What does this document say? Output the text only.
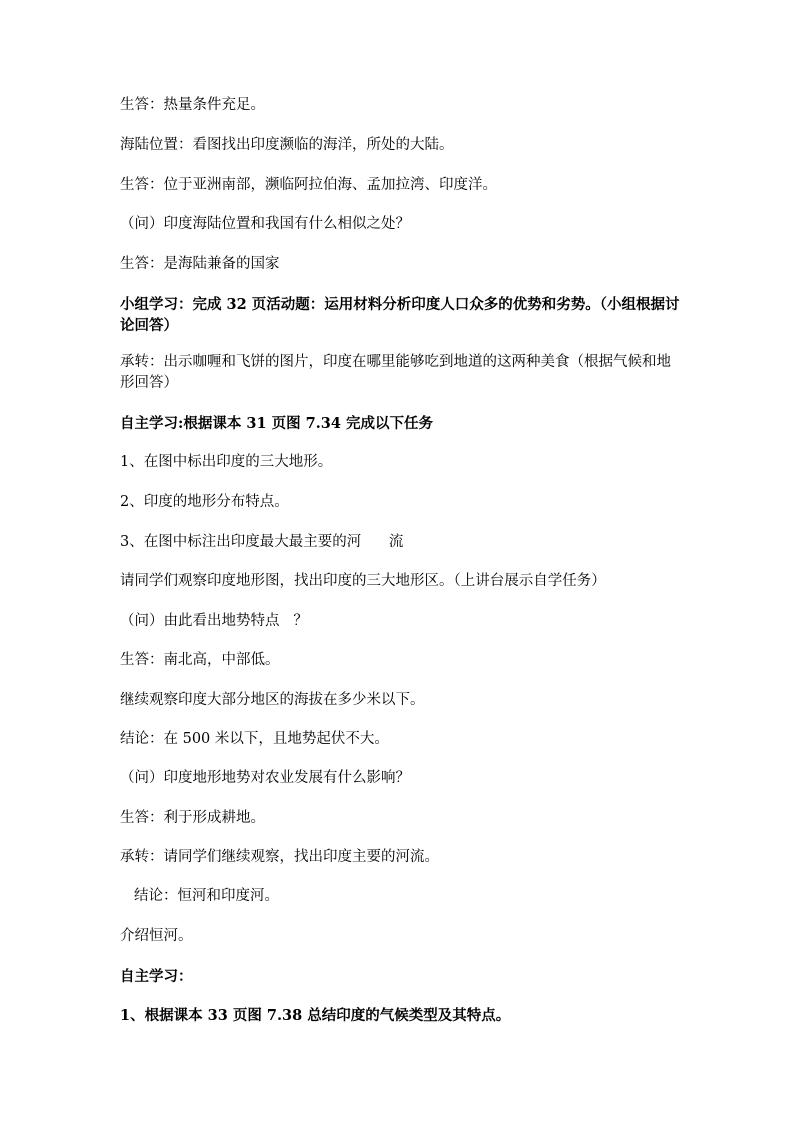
生答：热量条件充足。

海陆位置：看图找出印度濒临的海洋，所处的大陆。

生答：位于亚洲南部，濒临阿拉伯海、孟加拉湾、印度洋。

（问）印度海陆位置和我国有什么相似之处？

生答：是海陆兼备的国家

小组学习：完成 32 页活动题：运用材料分析印度人口众多的优势和劣势。（小组根据讨论回答）

承转：出示咖喱和飞饼的图片，印度在哪里能够吃到地道的这两种美食（根据气候和地形回答）

自主学习:根据课本 31 页图 7.34 完成以下任务

1、在图中标出印度的三大地形。

2、印度的地形分布特点。

3、在图中标注出印度最大最主要的河      流

请同学们观察印度地形图，找出印度的三大地形区。（上讲台展示自学任务）

（问）由此看出地势特点   ？

生答：南北高，中部低。

继续观察印度大部分地区的海拔在多少米以下。

结论：在 500 米以下，且地势起伏不大。

（问）印度地形地势对农业发展有什么影响？

生答：利于形成耕地。

承转：请同学们继续观察，找出印度主要的河流。

结论：恒河和印度河。

介绍恒河。

自主学习：

1、根据课本 33 页图 7.38 总结印度的气候类型及其特点。
